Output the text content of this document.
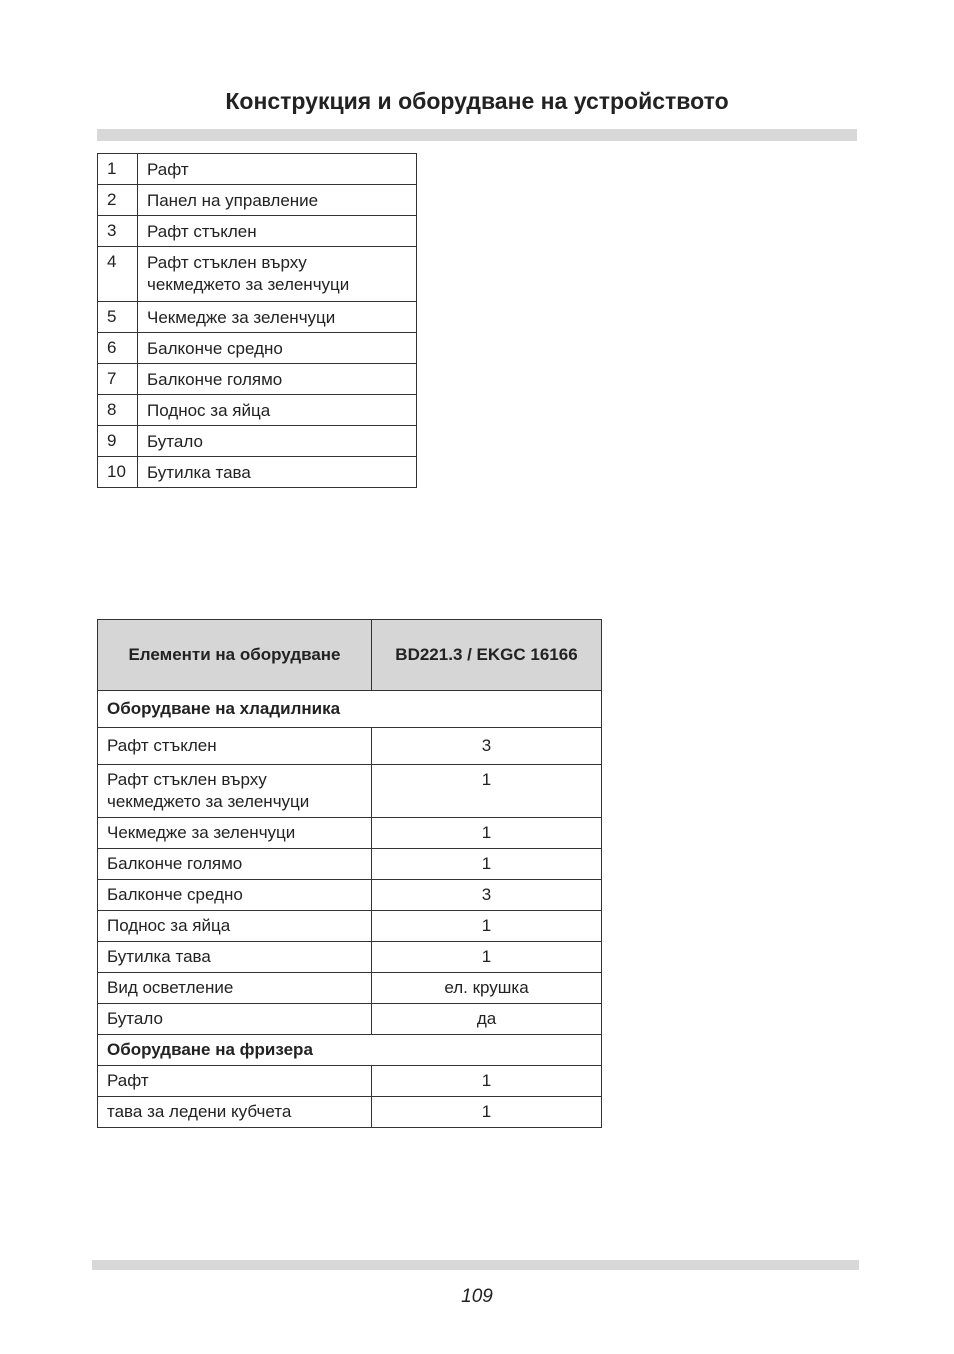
Конструкция и оборудване на устройството
1	Рафт
2	Панел на управление
3	Рафт стъклен
4	Рафт стъклен върху
чекмеджето за зеленчуци
5	Чекмедже за зеленчуци
6	Балконче средно
7	Балконче голямо
8	Поднос за яйца
9	Бутало
10	Бутилка тава
Елементи на оборудване	BD221.3 / EKGC 16166
Оборудване на хладилника	
Рафт стъклен	3
Рафт стъклен върху
чекмеджето за зеленчуци	1
Чекмедже за зеленчуци	1
Балконче голямо	1
Балконче средно	3
Поднос за яйца	1
Бутилка тава	1
Вид осветление	ел. крушка
Бутало	да
Оборудване на фризера	
Рафт	1
тава за ледени кубчета	1
109
